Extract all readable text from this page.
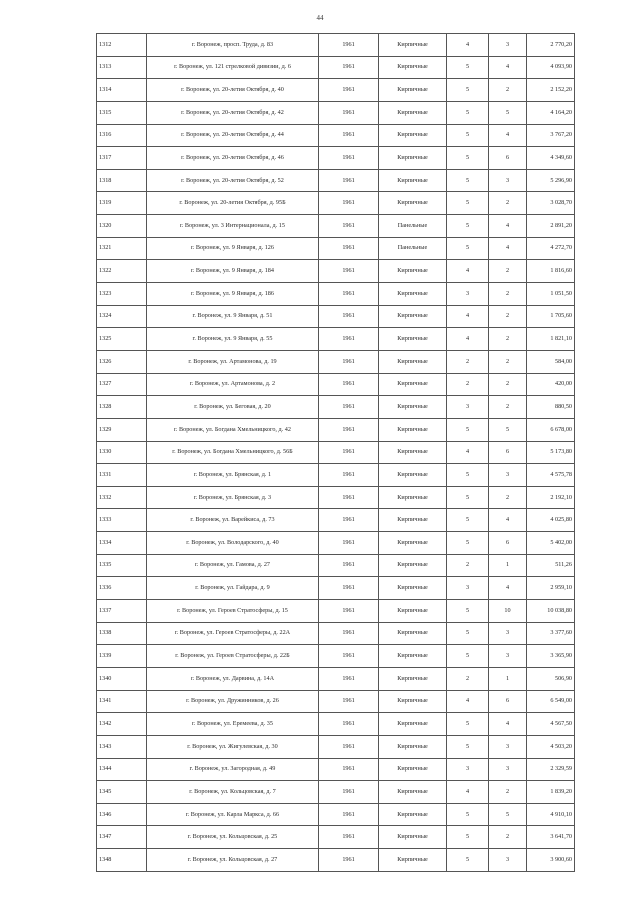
44
1312	г. Воронеж, просп. Труда, д. 83	1961	Кирпичные	4	3	2 770,20
1313	г. Воронеж, ул. 121 стрелковой дивизии, д. 6	1961	Кирпичные	5	4	4 093,90
1314	г. Воронеж, ул. 20-летия Октября, д. 40	1961	Кирпичные	5	2	2 152,20
1315	г. Воронеж, ул. 20-летия Октября, д. 42	1961	Кирпичные	5	5	4 164,20
1316	г. Воронеж, ул. 20-летия Октября, д. 44	1961	Кирпичные	5	4	3 767,20
1317	г. Воронеж, ул. 20-летия Октября, д. 46	1961	Кирпичные	5	6	4 349,60
1318	г. Воронеж, ул. 20-летия Октября, д. 52	1961	Кирпичные	5	3	5 296,90
1319	г. Воронеж, ул. 20-летия Октября, д. 95Б	1961	Кирпичные	5	2	3 028,70
1320	г. Воронеж, ул. 3 Интернационала, д. 15	1961	Панельные	5	4	2 891,20
1321	г. Воронеж, ул. 9 Января, д. 126	1961	Панельные	5	4	4 272,70
1322	г. Воронеж, ул. 9 Января, д. 184	1961	Кирпичные	4	2	1 816,60
1323	г. Воронеж, ул. 9 Января, д. 186	1961	Кирпичные	3	2	1 051,50
1324	г. Воронеж, ул. 9 Января, д. 51	1961	Кирпичные	4	2	1 705,60
1325	г. Воронеж, ул. 9 Января, д. 55	1961	Кирпичные	4	2	1 821,10
1326	г. Воронеж, ул. Артамонова, д. 19	1961	Кирпичные	2	2	584,00
1327	г. Воронеж, ул. Артамонова, д. 2	1961	Кирпичные	2	2	420,00
1328	г. Воронеж, ул. Беговая, д. 20	1961	Кирпичные	3	2	880,50
1329	г. Воронеж, ул. Богдана Хмельницкого, д. 42	1961	Кирпичные	5	5	6 678,00
1330	г. Воронеж, ул. Богдана Хмельницкого, д. 56Б	1961	Кирпичные	4	6	5 173,80
1331	г. Воронеж, ул. Брянская, д. 1	1961	Кирпичные	5	3	4 575,78
1332	г. Воронеж, ул. Брянская, д. 3	1961	Кирпичные	5	2	2 192,10
1333	г. Воронеж, ул. Варейкиса, д. 73	1961	Кирпичные	5	4	4 025,80
1334	г. Воронеж, ул. Володарского, д. 40	1961	Кирпичные	5	6	5 402,00
1335	г. Воронеж, ул. Гамова, д. 27	1961	Кирпичные	2	1	511,26
1336	г. Воронеж, ул. Гайдара, д. 9	1961	Кирпичные	3	4	2 959,10
1337	г. Воронеж, ул. Героев Стратосферы, д. 15	1961	Кирпичные	5	10	10 038,80
1338	г. Воронеж, ул. Героев Стратосферы, д. 22А	1961	Кирпичные	5	3	3 377,60
1339	г. Воронеж, ул. Героев Стратосферы, д. 22Б	1961	Кирпичные	5	3	3 365,90
1340	г. Воронеж, ул. Дарвина, д. 14А	1961	Кирпичные	2	1	506,90
1341	г. Воронеж, ул. Дружинников, д. 26	1961	Кирпичные	4	6	6 549,00
1342	г. Воронеж, ул. Еремеева, д. 35	1961	Кирпичные	5	4	4 567,50
1343	г. Воронеж, ул. Жигулевская, д. 30	1961	Кирпичные	5	3	4 503,20
1344	г. Воронеж, ул. Загородная, д. 49	1961	Кирпичные	3	3	2 329,59
1345	г. Воронеж, ул. Кольцовская, д. 7	1961	Кирпичные	4	2	1 839,20
1346	г. Воронеж, ул. Карла Маркса, д. 66	1961	Кирпичные	5	5	4 910,10
1347	г. Воронеж, ул. Кольцовская, д. 25	1961	Кирпичные	5	2	3 641,70
1348	г. Воронеж, ул. Кольцовская, д. 27	1961	Кирпичные	5	3	3 900,60
